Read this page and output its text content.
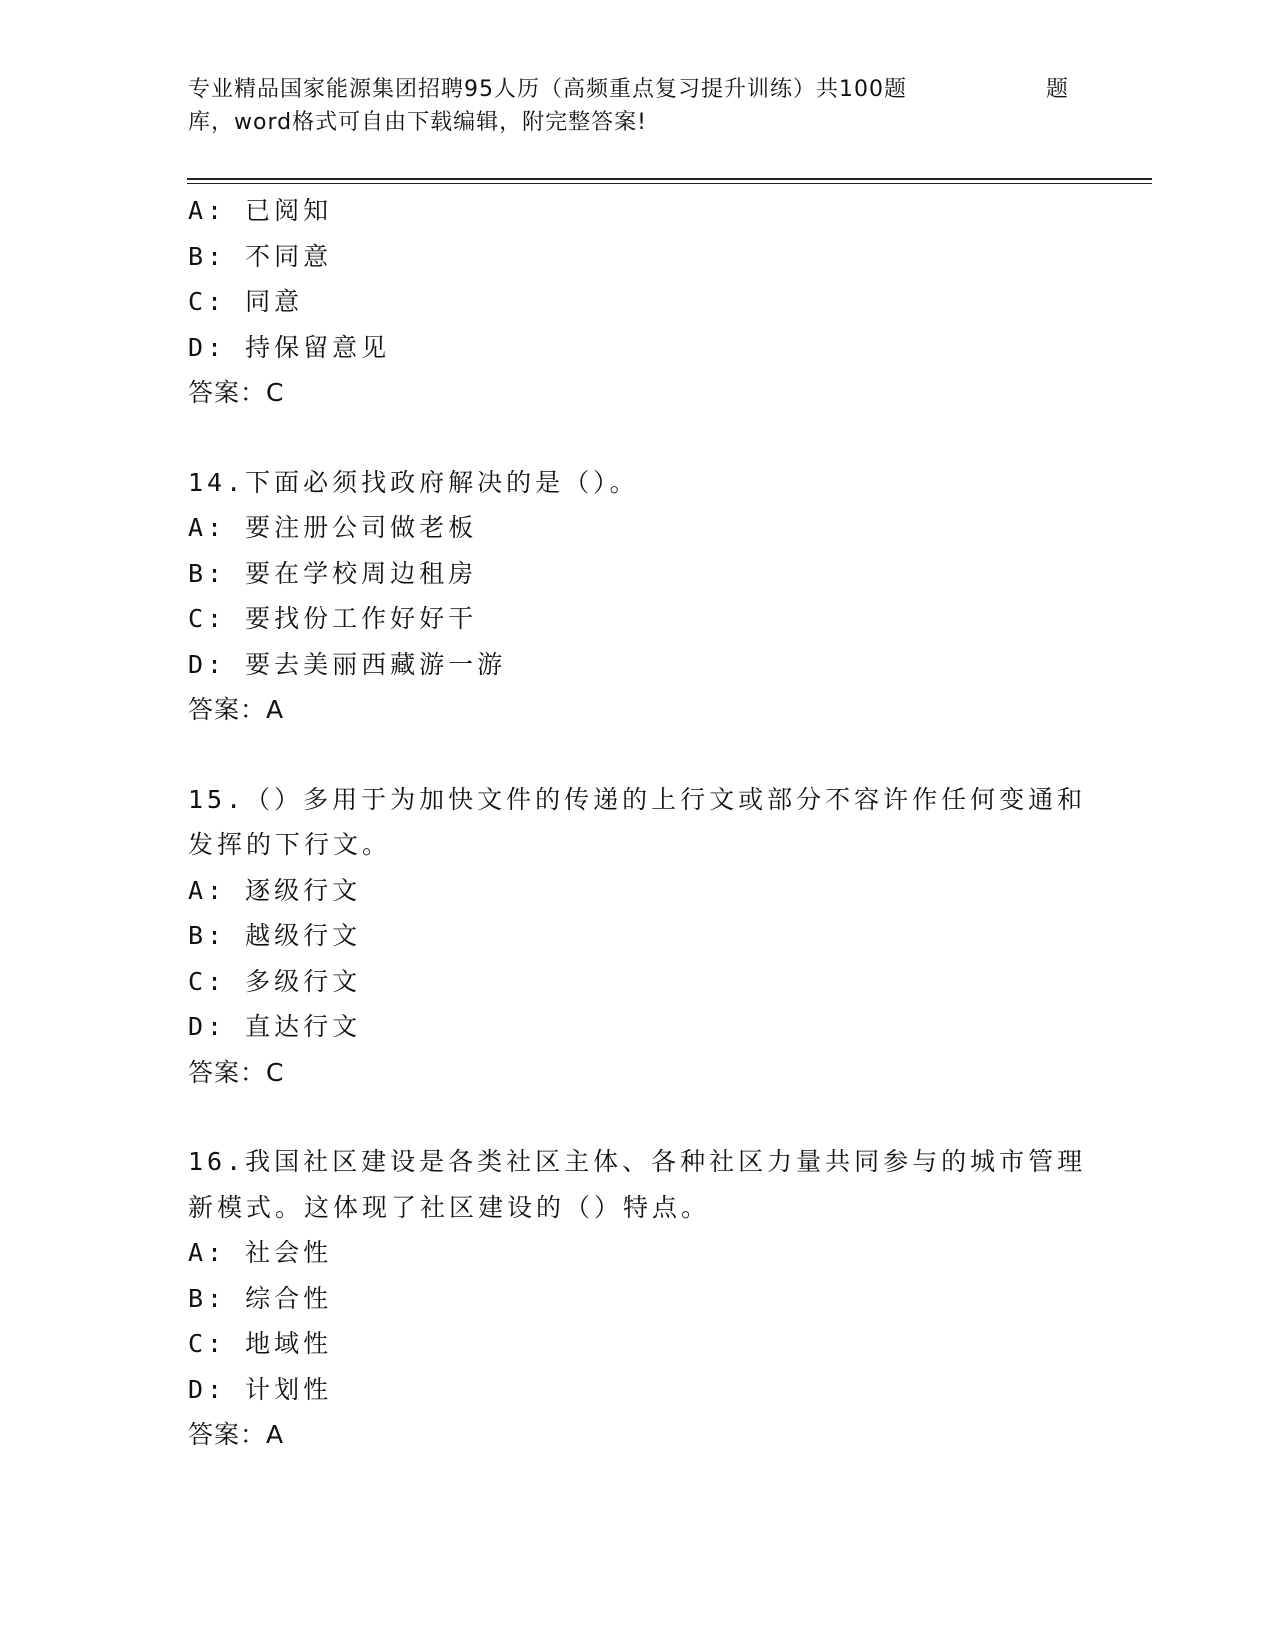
专业精品国家能源集团招聘95人历（高频重点复习提升训练）共100题	题
库，word格式可自由下载编辑，附完整答案!
A: 已阅知
B: 不同意
C: 同意
D: 持保留意见
答案：C
14.下面必须找政府解决的是（）。
A: 要注册公司做老板
B: 要在学校周边租房
C: 要找份工作好好干
D: 要去美丽西藏游一游
答案：A
15.（）多用于为加快文件的传递的上行文或部分不容许作任何变通和
发挥的下行文。
A: 逐级行文
B: 越级行文
C: 多级行文
D: 直达行文
答案：C
16.我国社区建设是各类社区主体、各种社区力量共同参与的城市管理
新模式。这体现了社区建设的（）特点。
A: 社会性
B: 综合性
C: 地域性
D: 计划性
答案：A
